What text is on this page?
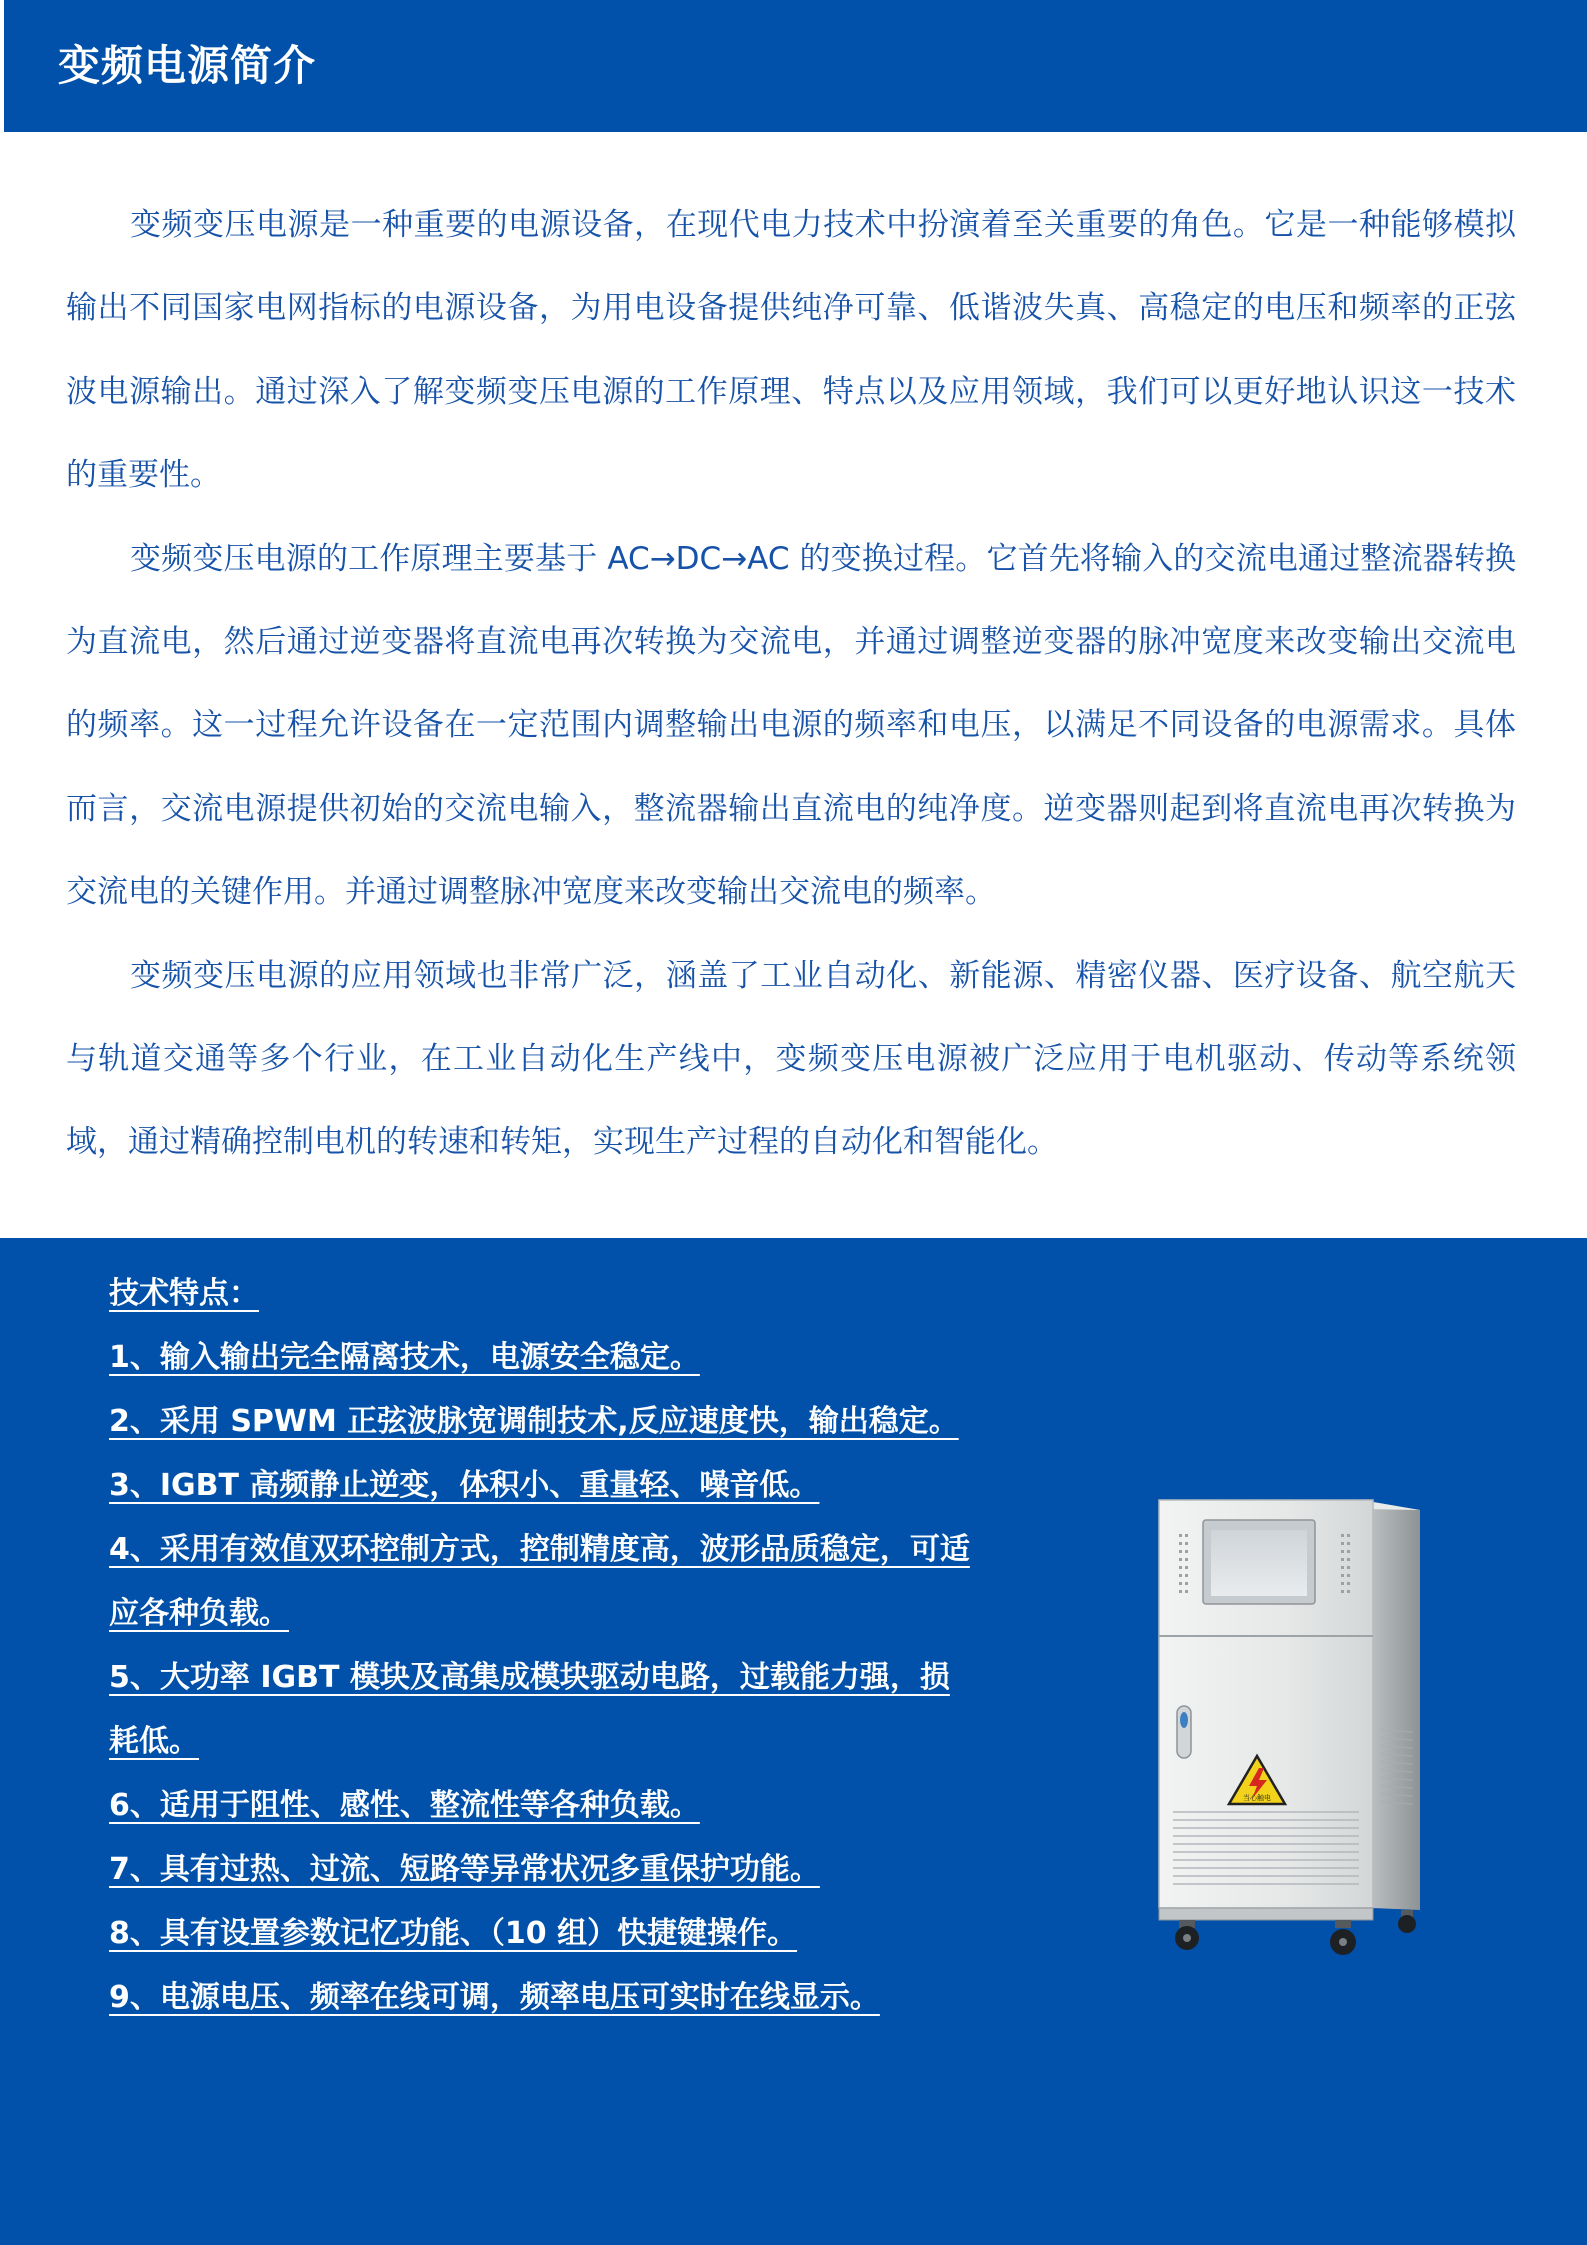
变频电源简介

变频变压电源是一种重要的电源设备，在现代电力技术中扮演着至关重要的角色。它是一种能够模拟输出不同国家电网指标的电源设备，为用电设备提供纯净可靠、低谐波失真、高稳定的电压和频率的正弦波电源输出。通过深入了解变频变压电源的工作原理、特点以及应用领域，我们可以更好地认识这一技术的重要性。

变频变压电源的工作原理主要基于 AC→DC→AC 的变换过程。它首先将输入的交流电通过整流器转换为直流电，然后通过逆变器将直流电再次转换为交流电，并通过调整逆变器的脉冲宽度来改变输出交流电的频率。这一过程允许设备在一定范围内调整输出电源的频率和电压，以满足不同设备的电源需求。具体而言，交流电源提供初始的交流电输入，整流器输出直流电的纯净度。逆变器则起到将直流电再次转换为交流电的关键作用。并通过调整脉冲宽度来改变输出交流电的频率。

变频变压电源的应用领域也非常广泛，涵盖了工业自动化、新能源、精密仪器、医疗设备、航空航天与轨道交通等多个行业，在工业自动化生产线中，变频变压电源被广泛应用于电机驱动、传动等系统领域，通过精确控制电机的转速和转矩，实现生产过程的自动化和智能化。

技术特点：
1、输入输出完全隔离技术，电源安全稳定。
2、采用 SPWM 正弦波脉宽调制技术,反应速度快，输出稳定。
3、IGBT 高频静止逆变，体积小、重量轻、噪音低。
4、采用有效值双环控制方式，控制精度高，波形品质稳定，可适应各种负载。
5、大功率 IGBT 模块及高集成模块驱动电路，过载能力强，损耗低。
6、适用于阻性、感性、整流性等各种负载。
7、具有过热、过流、短路等异常状况多重保护功能。
8、具有设置参数记忆功能、（10 组）快捷键操作。
9、电源电压、频率在线可调，频率电压可实时在线显示。
当心触电
